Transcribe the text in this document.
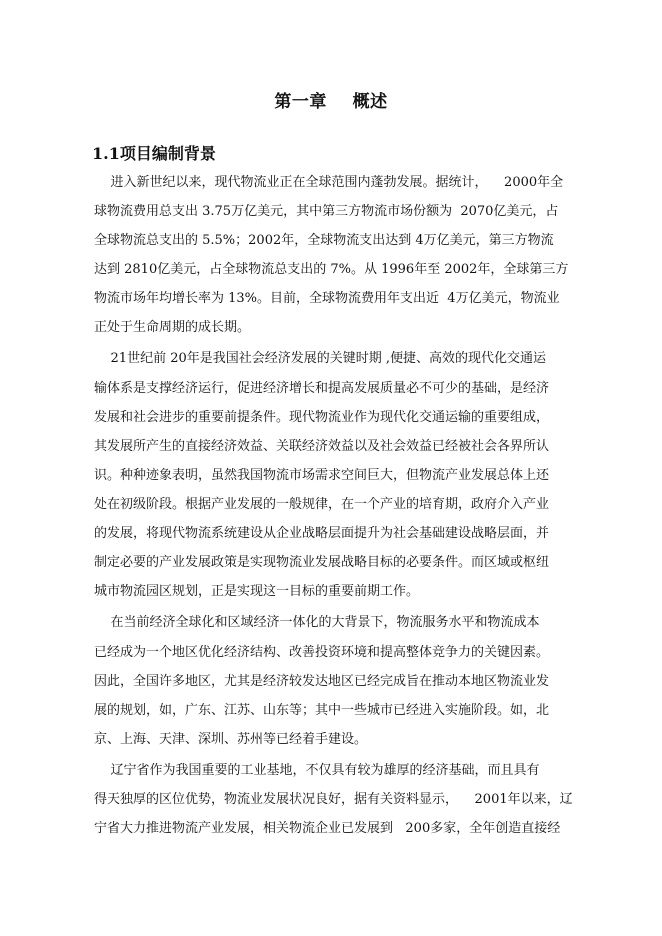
第一章    概述
1.1项目编制背景

进入新世纪以来，现代物流业正在全球范围内蓬勃发展。据统计，    2000年全

球物流费用总支出 3.75万亿美元，其中第三方物流市场份额为  2070亿美元，占

全球物流总支出的 5.5%；2002年，全球物流支出达到 4万亿美元，第三方物流

达到 2810亿美元，占全球物流总支出的 7%。从 1996年至 2002年，全球第三方

物流市场年均增长率为 13%。目前，全球物流费用年支出近  4万亿美元，物流业

正处于生命周期的成长期。

21世纪前 20年是我国社会经济发展的关键时期 ,便捷、高效的现代化交通运

输体系是支撑经济运行，促进经济增长和提高发展质量必不可少的基础，是经济

发展和社会进步的重要前提条件。现代物流业作为现代化交通运输的重要组成，

其发展所产生的直接经济效益、关联经济效益以及社会效益已经被社会各界所认

识。种种迹象表明，虽然我国物流市场需求空间巨大，但物流产业发展总体上还

处在初级阶段。根据产业发展的一般规律，在一个产业的培育期，政府介入产业

的发展，将现代物流系统建设从企业战略层面提升为社会基础建设战略层面，并

制定必要的产业发展政策是实现物流业发展战略目标的必要条件。而区域或枢纽

城市物流园区规划，正是实现这一目标的重要前期工作。

在当前经济全球化和区域经济一体化的大背景下，物流服务水平和物流成本

已经成为一个地区优化经济结构、改善投资环境和提高整体竞争力的关键因素。

因此，全国许多地区，尤其是经济较发达地区已经完成旨在推动本地区物流业发

展的规划，如，广东、江苏、山东等；其中一些城市已经进入实施阶段。如，北

京、上海、天津、深圳、苏州等已经着手建设。

辽宁省作为我国重要的工业基地，不仅具有较为雄厚的经济基础，而且具有

得天独厚的区位优势，物流业发展状况良好，据有关资料显示，    2001年以来，辽

宁省大力推进物流产业发展，相关物流企业已发展到   200多家，全年创造直接经
